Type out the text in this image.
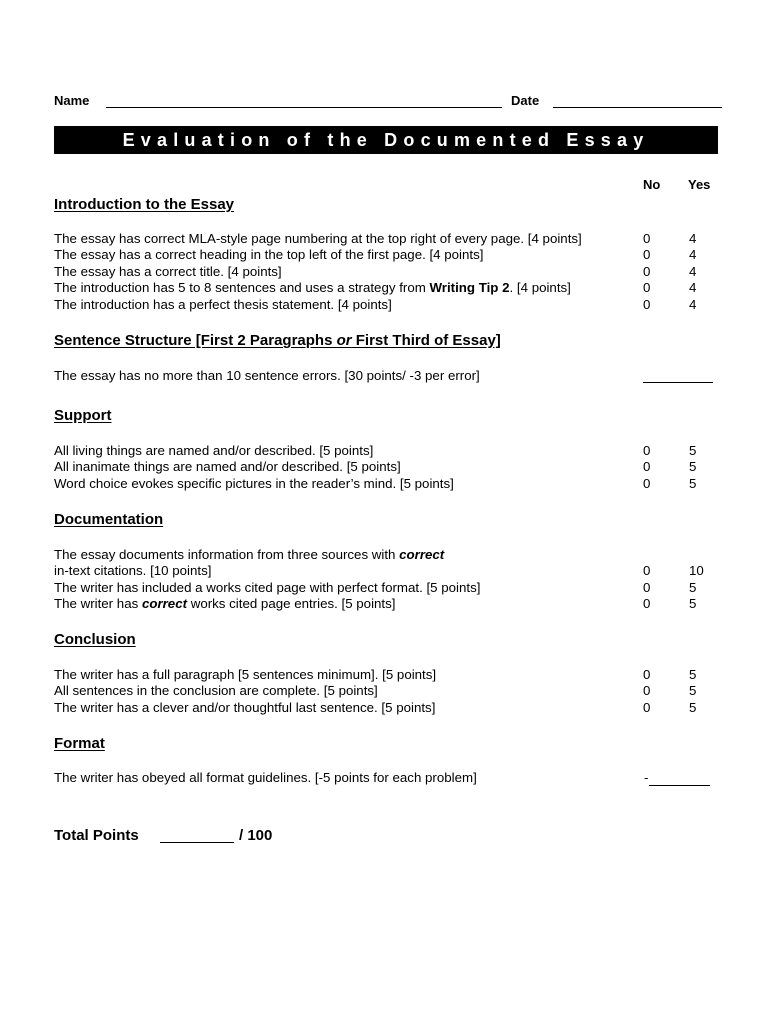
Name	Date
Evaluation of the Documented Essay
No Yes
Introduction to the Essay
The essay has correct MLA-style page numbering at the top right of every page. [4 points]	0	4
The essay has a correct heading in the top left of the first page. [4 points]	0	4
The essay has a correct title. [4 points]	0	4
The introduction has 5 to 8 sentences and uses a strategy from Writing Tip 2. [4 points]	0	4
The introduction has a perfect thesis statement. [4 points]	0	4
Sentence Structure [First 2 Paragraphs or First Third of Essay]
The essay has no more than 10 sentence errors. [30 points/ -3 per error]
Support
All living things are named and/or described. [5 points]	0	5
All inanimate things are named and/or described. [5 points]	0	5
Word choice evokes specific pictures in the reader’s mind. [5 points]	0	5
Documentation
The essay documents information from three sources with correct
in-text citations. [10 points]	0	10
The writer has included a works cited page with perfect format. [5 points]	0	5
The writer has correct works cited page entries. [5 points]	0	5
Conclusion
The writer has a full paragraph [5 sentences minimum]. [5 points]	0	5
All sentences in the conclusion are complete. [5 points]	0	5
The writer has a clever and/or thoughtful last sentence. [5 points]	0	5
Format
The writer has obeyed all format guidelines. [-5 points for each problem]	-
Total Points	/ 100
